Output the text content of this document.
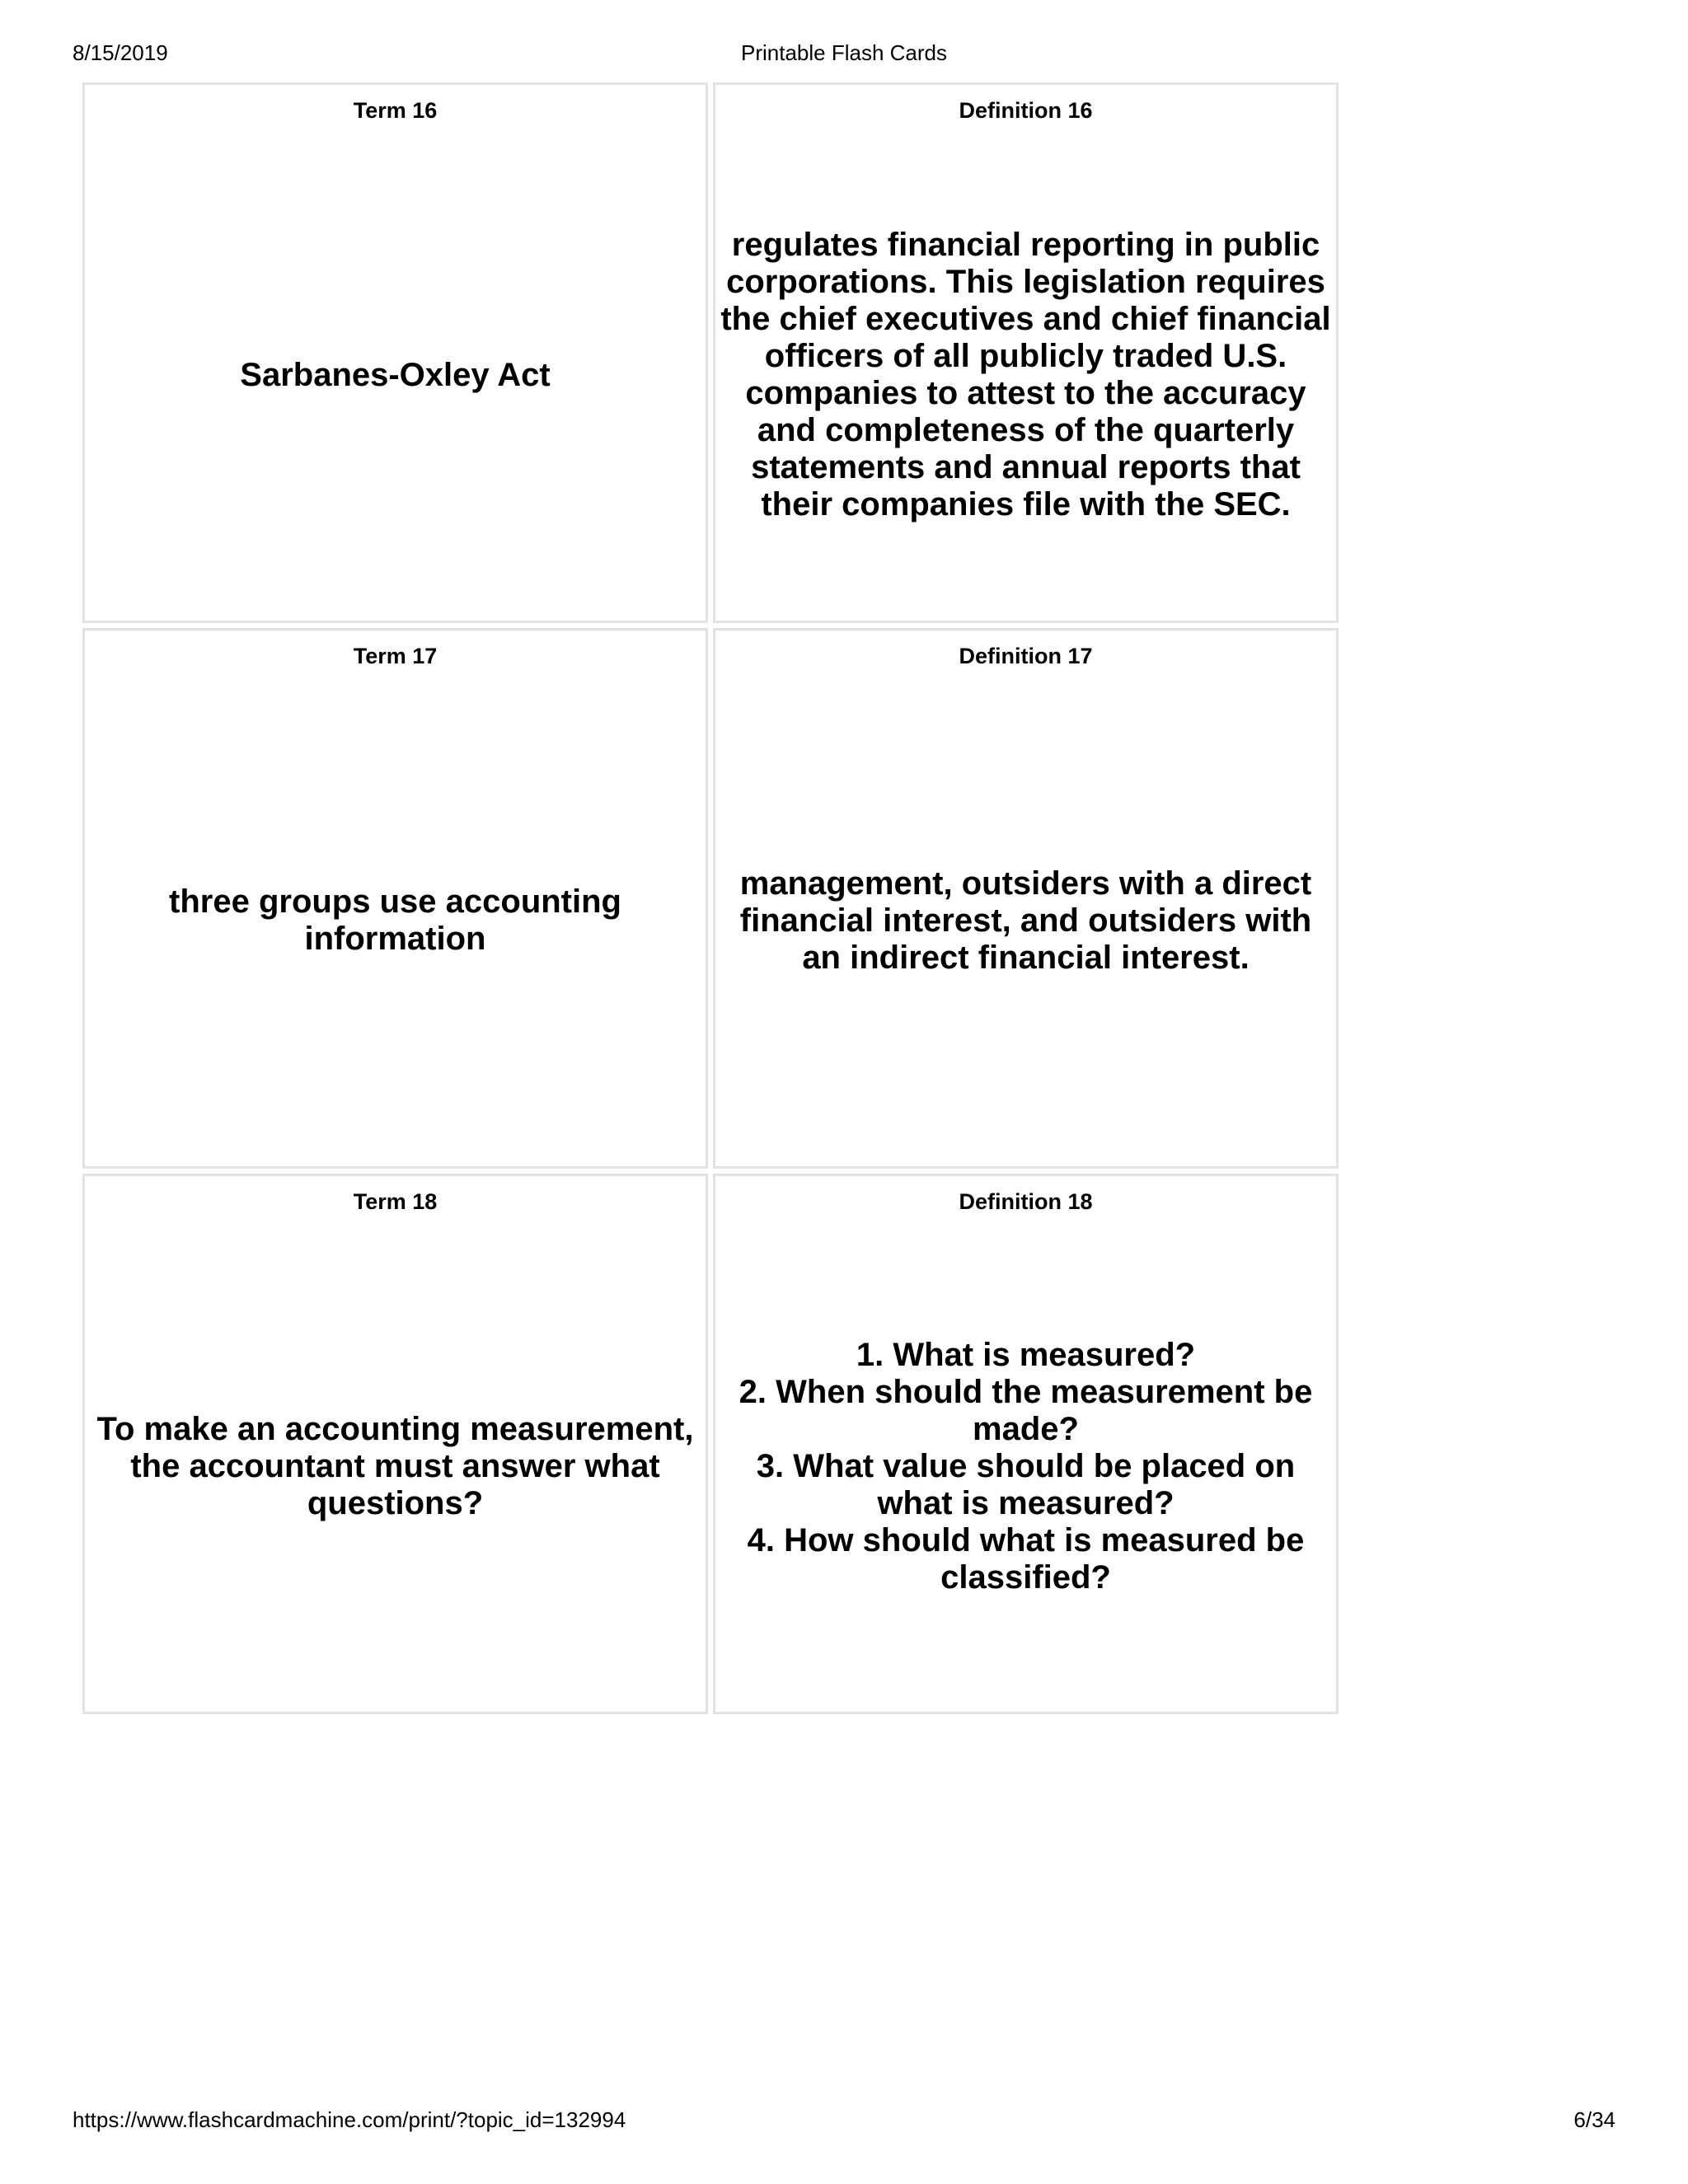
8/15/2019	Printable Flash Cards
Term 16
Sarbanes-Oxley Act
Definition 16
regulates financial reporting in public corporations. This legislation requires the chief executives and chief financial officers of all publicly traded U.S. companies to attest to the accuracy and completeness of the quarterly statements and annual reports that their companies file with the SEC.
Term 17
three groups use accounting information
Definition 17
management, outsiders with a direct financial interest, and outsiders with an indirect financial interest.
Term 18
To make an accounting measurement, the accountant must answer what questions?
Definition 18
1. What is measured?
2. When should the measurement be made?
3. What value should be placed on what is measured?
4. How should what is measured be classified?
https://www.flashcardmachine.com/print/?topic_id=132994	6/34
